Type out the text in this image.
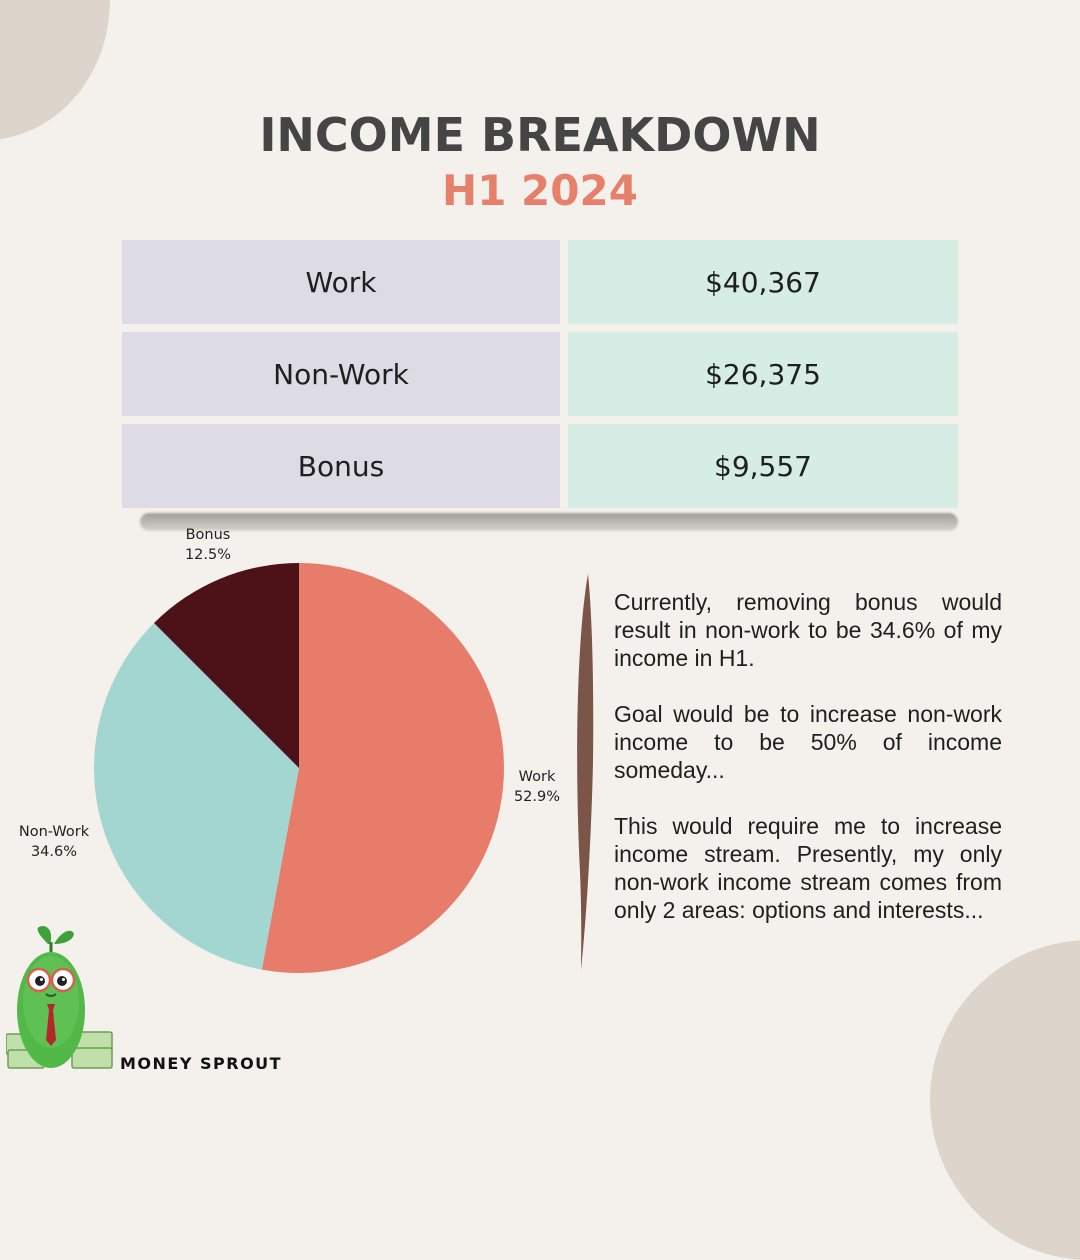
INCOME BREAKDOWN
H1 2024
Work	$40,367
Non-Work	$26,375
Bonus	$9,557
Work
52.9%
Non-Work
34.6%
Bonus
12.5%

Currently, removing bonus would result in non-work to be 34.6% of my income in H1.

Goal would be to increase non-work income to be 50% of income someday...

This would require me to increase income stream. Presently, my only non-work income stream comes from only 2 areas: options and interests...

MONEY SPROUT
